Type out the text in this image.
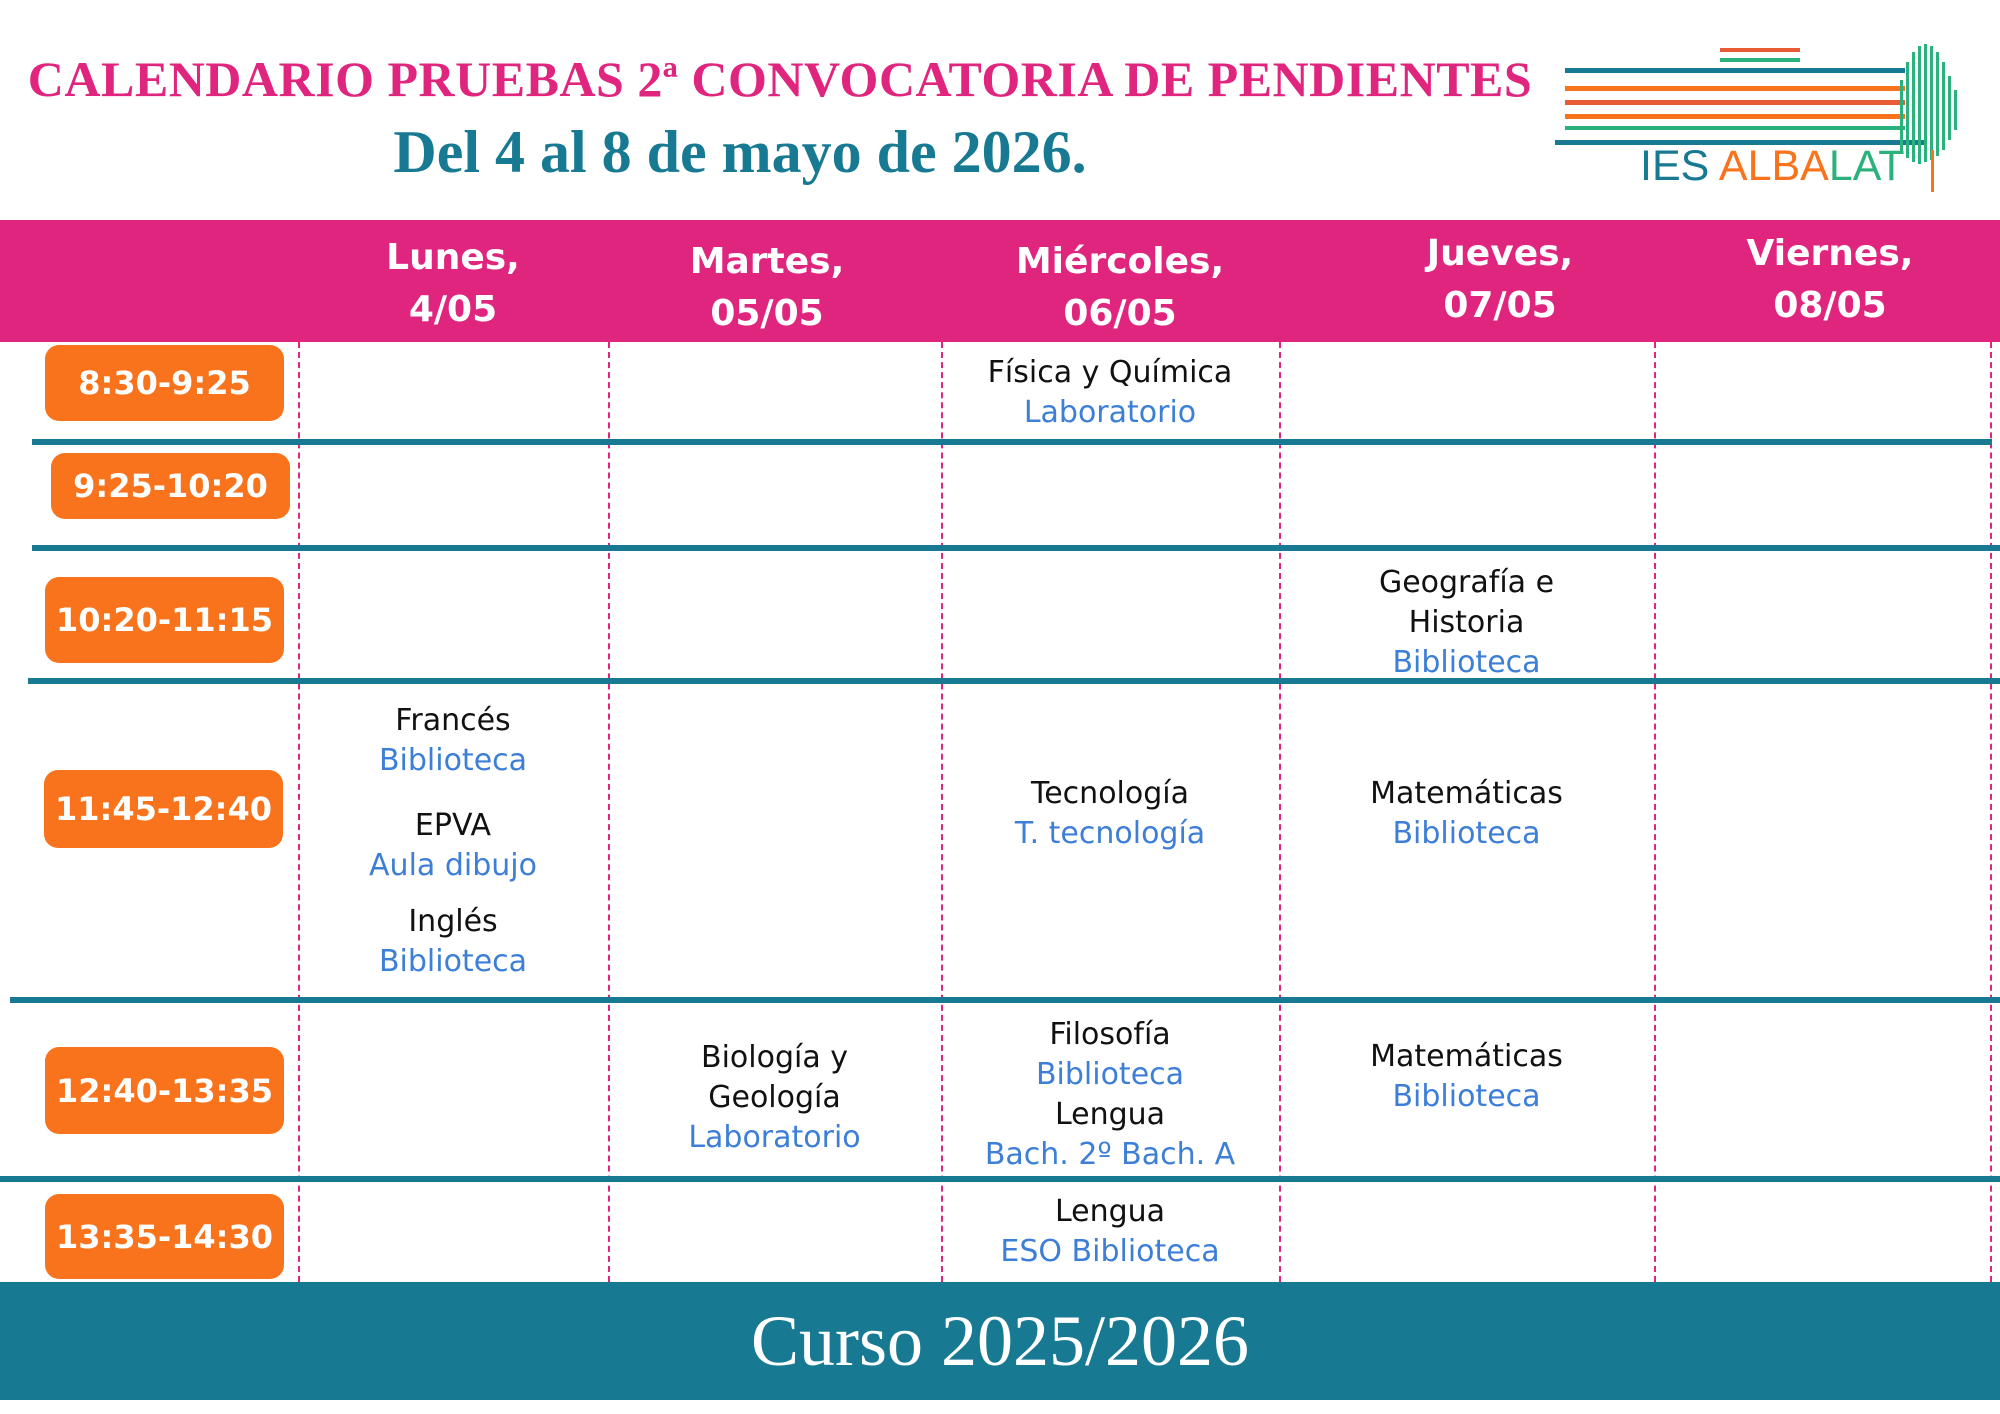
CALENDARIO PRUEBAS 2ª CONVOCATORIA DE PENDIENTES
Del 4 al 8 de mayo de 2026.	IES ALBALAT
Lunes,
4/05
Martes,
05/05
Miércoles,
06/05
Jueves,
07/05
Viernes,
08/05
8:30-9:25
9:25-10:20
10:20-11:15
11:45-12:40
12:40-13:35
13:35-14:30
Física y Química
Laboratorio
Geografía e
Historia
Biblioteca
Francés
Biblioteca
EPVA
Aula dibujo
Inglés
Biblioteca
Tecnología
T. tecnología
Matemáticas
Biblioteca
Biología y
Geología
Laboratorio
Filosofía
Biblioteca
Lengua
Bach. 2º Bach. A
Matemáticas
Biblioteca
Lengua
ESO Biblioteca
Curso 2025/2026
